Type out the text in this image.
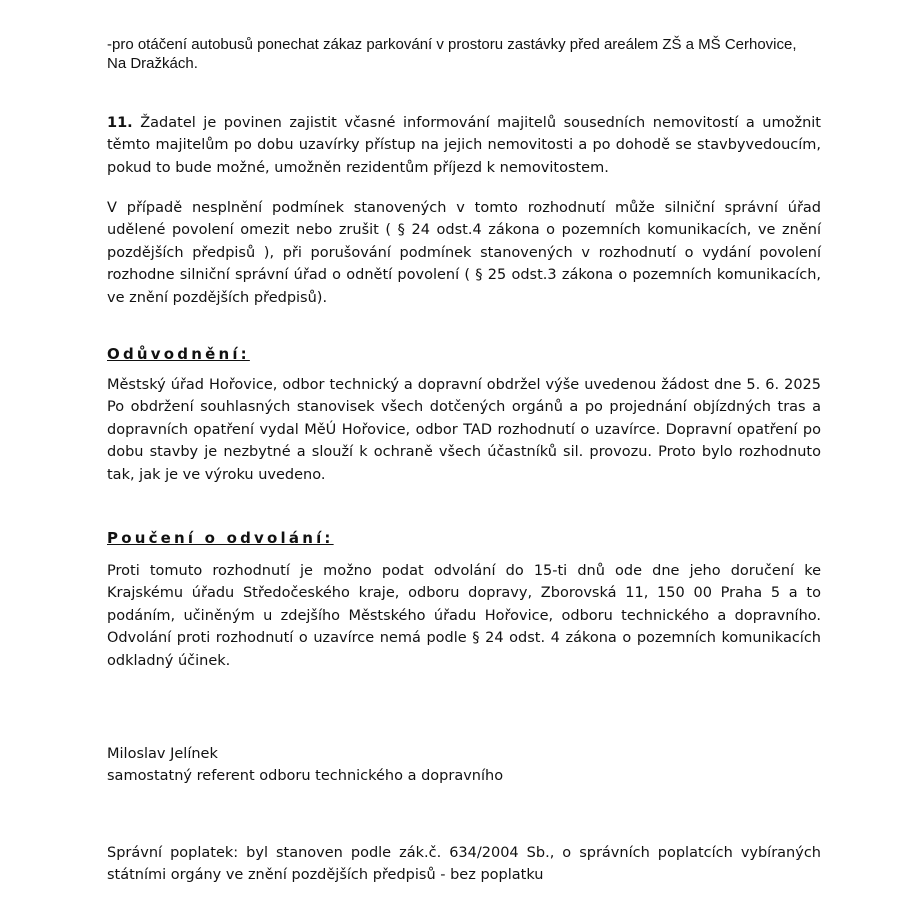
-pro otáčení autobusů ponechat zákaz parkování v prostoru zastávky před areálem ZŠ a MŠ Cerhovice,
Na Dražkách.

11. Žadatel je povinen zajistit včasné informování majitelů sousedních nemovitostí a umožnit těmto majitelům po dobu uzavírky přístup na jejich nemovitosti a po dohodě se stavbyvedoucím, pokud to bude možné, umožněn rezidentům příjezd k nemovitostem.

V případě nesplnění podmínek stanovených v tomto rozhodnutí může silniční správní úřad udělené povolení omezit nebo zrušit ( § 24 odst.4 zákona o pozemních komunikacích, ve znění pozdějších předpisů ), při porušování podmínek stanovených v rozhodnutí o vydání povolení rozhodne silniční správní úřad o odnětí povolení ( § 25 odst.3 zákona o pozemních komunikacích, ve znění pozdějších předpisů).

Odůvodnění:

Městský úřad Hořovice, odbor technický a dopravní obdržel výše uvedenou žádost dne 5. 6. 2025 Po obdržení souhlasných stanovisek všech dotčených orgánů a po projednání objízdných tras a dopravních opatření vydal MěÚ Hořovice, odbor TAD rozhodnutí o uzavírce. Dopravní opatření po dobu stavby je nezbytné a slouží k ochraně všech účastníků sil. provozu. Proto bylo rozhodnuto tak, jak je ve výroku uvedeno.

Poučení o odvolání:

Proti tomuto rozhodnutí je možno podat odvolání do 15-ti dnů ode dne jeho doručení ke Krajskému úřadu Středočeského kraje, odboru dopravy, Zborovská 11, 150 00 Praha 5 a to podáním, učiněným u zdejšího Městského úřadu Hořovice, odboru technického a dopravního. Odvolání proti rozhodnutí o uzavírce nemá podle § 24 odst. 4 zákona o pozemních komunikacích odkladný účinek.

Miloslav Jelínek
samostatný referent odboru technického a dopravního

Správní poplatek: byl stanoven podle zák.č. 634/2004 Sb., o správních poplatcích vybíraných státními orgány ve znění pozdějších předpisů - bez poplatku
